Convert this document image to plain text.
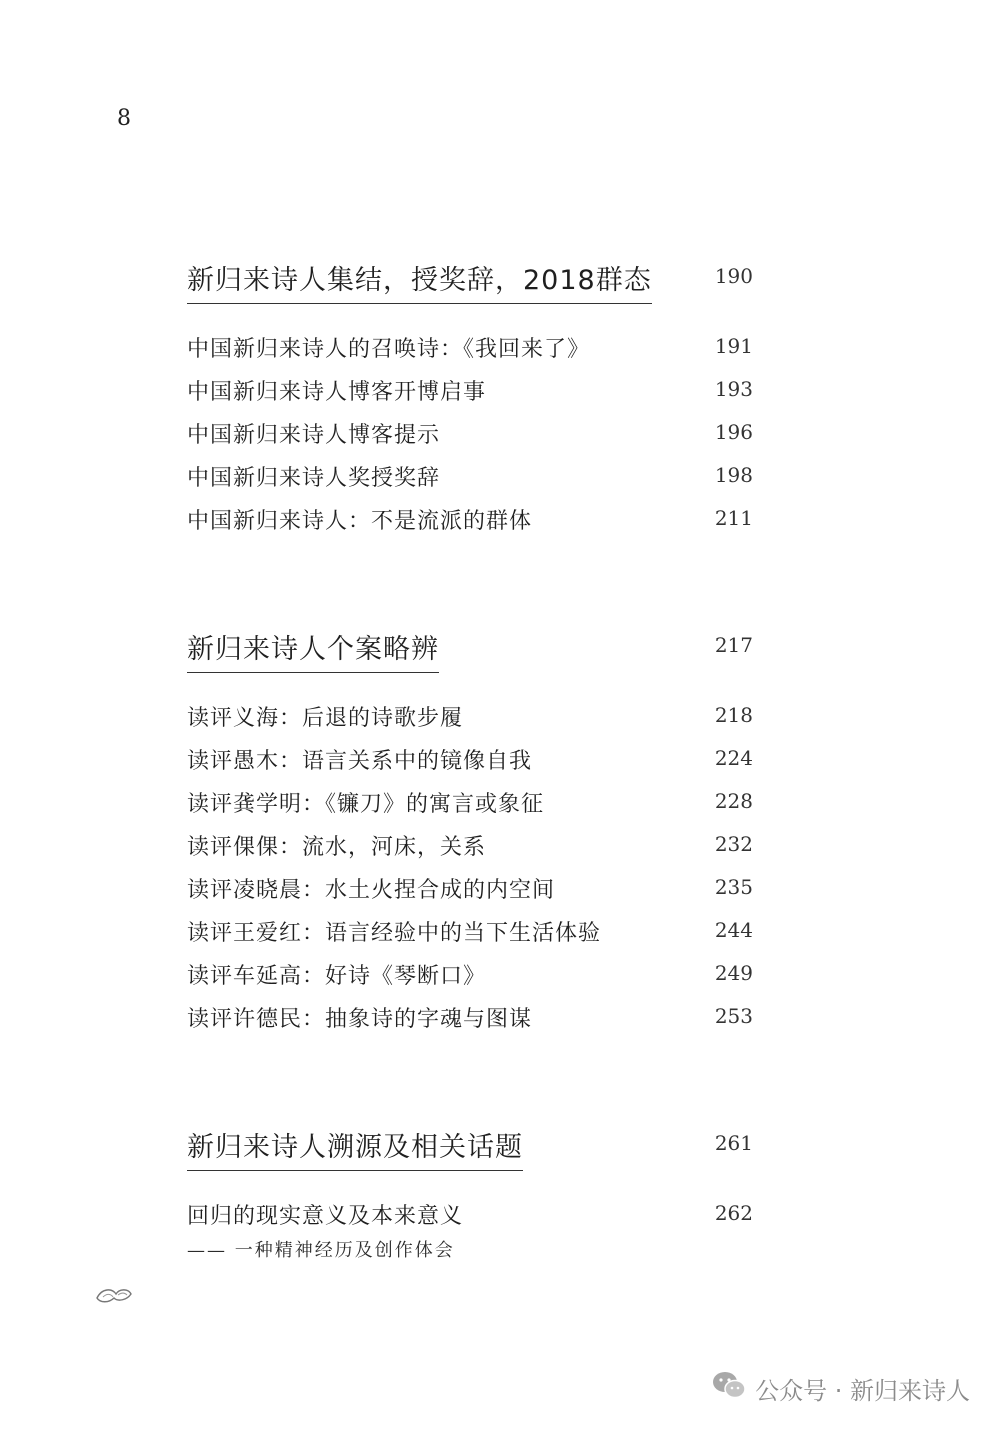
8
新归来诗人集结，授奖辞，2018群态	190
中国新归来诗人的召唤诗：《我回来了》	191
中国新归来诗人博客开博启事	193
中国新归来诗人博客提示	196
中国新归来诗人奖授奖辞	198
中国新归来诗人：不是流派的群体	211
新归来诗人个案略辨	217
读评义海：后退的诗歌步履	218
读评愚木：语言关系中的镜像自我	224
读评龚学明：《镰刀》的寓言或象征	228
读评倮倮：流水，河床，关系	232
读评凌晓晨：水土火捏合成的内空间	235
读评王爱红：语言经验中的当下生活体验	244
读评车延高：好诗《琴断口》	249
读评许德民：抽象诗的字魂与图谋	253
新归来诗人溯源及相关话题	261
回归的现实意义及本来意义	262
—— 一种精神经历及创作体会
公众号 · 新归来诗人
